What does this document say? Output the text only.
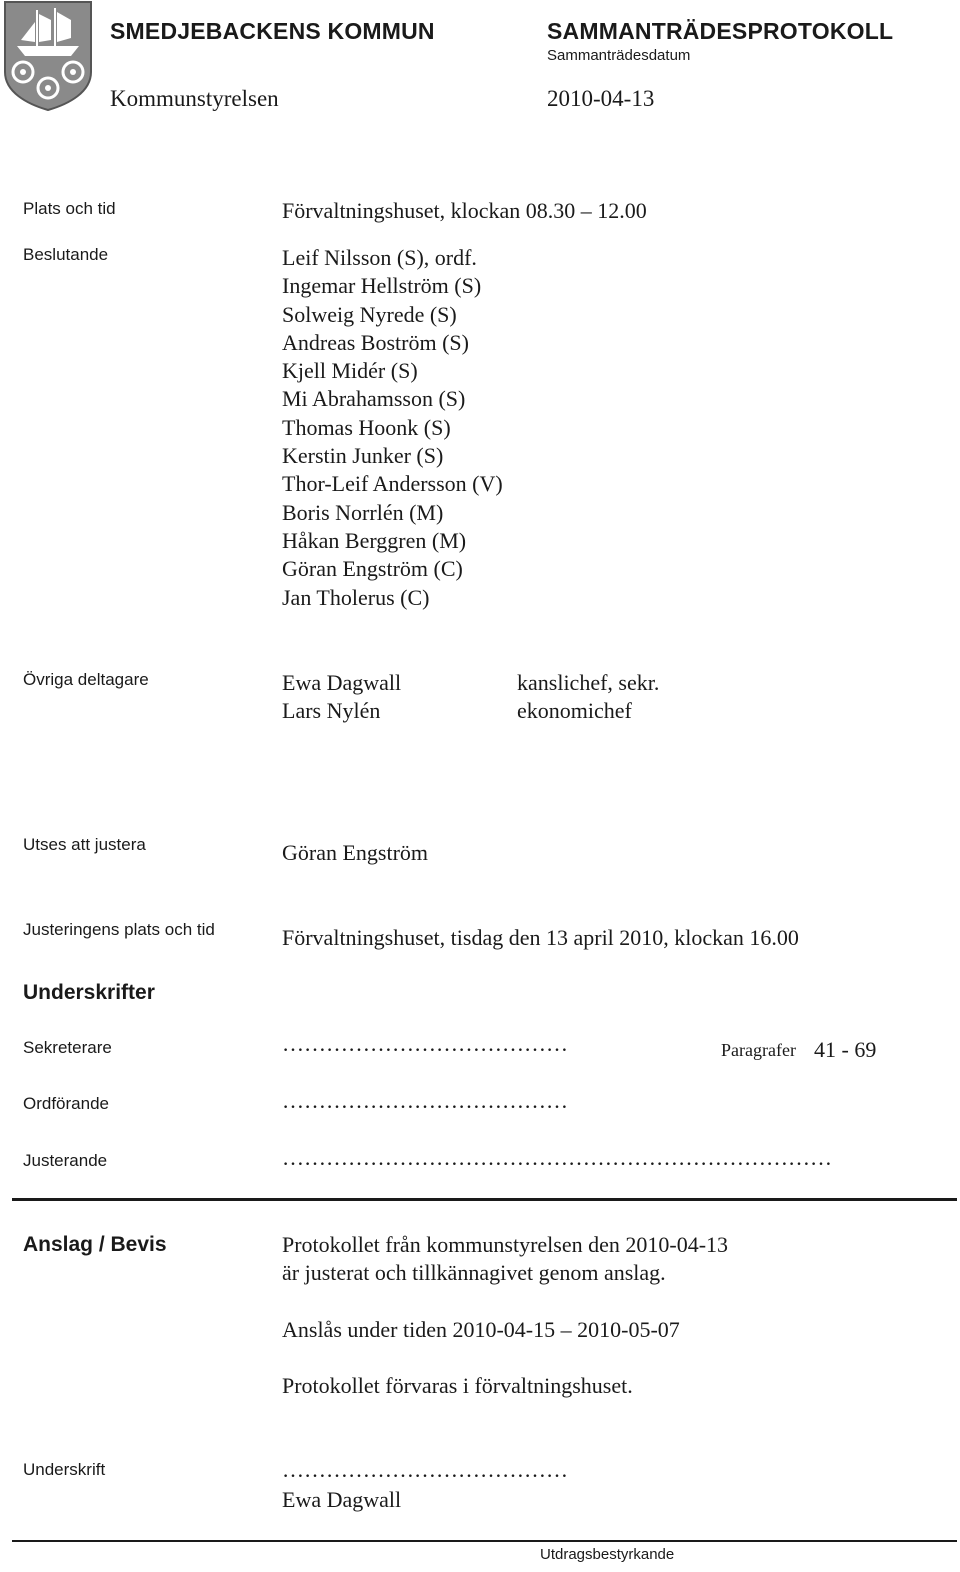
SMEDJEBACKENS KOMMUN	SAMMANTRÄDESPROTOKOLL
Sammanträdesdatum
Kommunstyrelsen	2010-04-13
Plats och tid	Förvaltningshuset, klockan 08.30 – 12.00
Beslutande	Leif Nilsson (S), ordf.
Ingemar Hellström (S)
Solweig Nyrede (S)
Andreas Boström (S)
Kjell Midér (S)
Mi Abrahamsson (S)
Thomas Hoonk (S)
Kerstin Junker (S)
Thor-Leif Andersson (V)
Boris Norrlén (M)
Håkan Berggren (M)
Göran Engström (C)
Jan Tholerus (C)
Övriga deltagare	Ewa Dagwall	kanslichef, sekr.
Lars Nylén	ekonomichef
Utses att justera	Göran Engström
Justeringens plats och tid	Förvaltningshuset, tisdag den 13 april 2010, klockan 16.00
Underskrifter
Sekreterare	…………………………………	Paragrafer 41 - 69
Ordförande	…………………………………
Justerande	…………………………………………………………………
Anslag / Bevis	Protokollet från kommunstyrelsen den 2010-04-13
är justerat och tillkännagivet genom anslag.
Anslås under tiden 2010-04-15 – 2010-05-07
Protokollet förvaras i förvaltningshuset.
Underskrift	…………………………………
Ewa Dagwall
Utdragsbestyrkande
